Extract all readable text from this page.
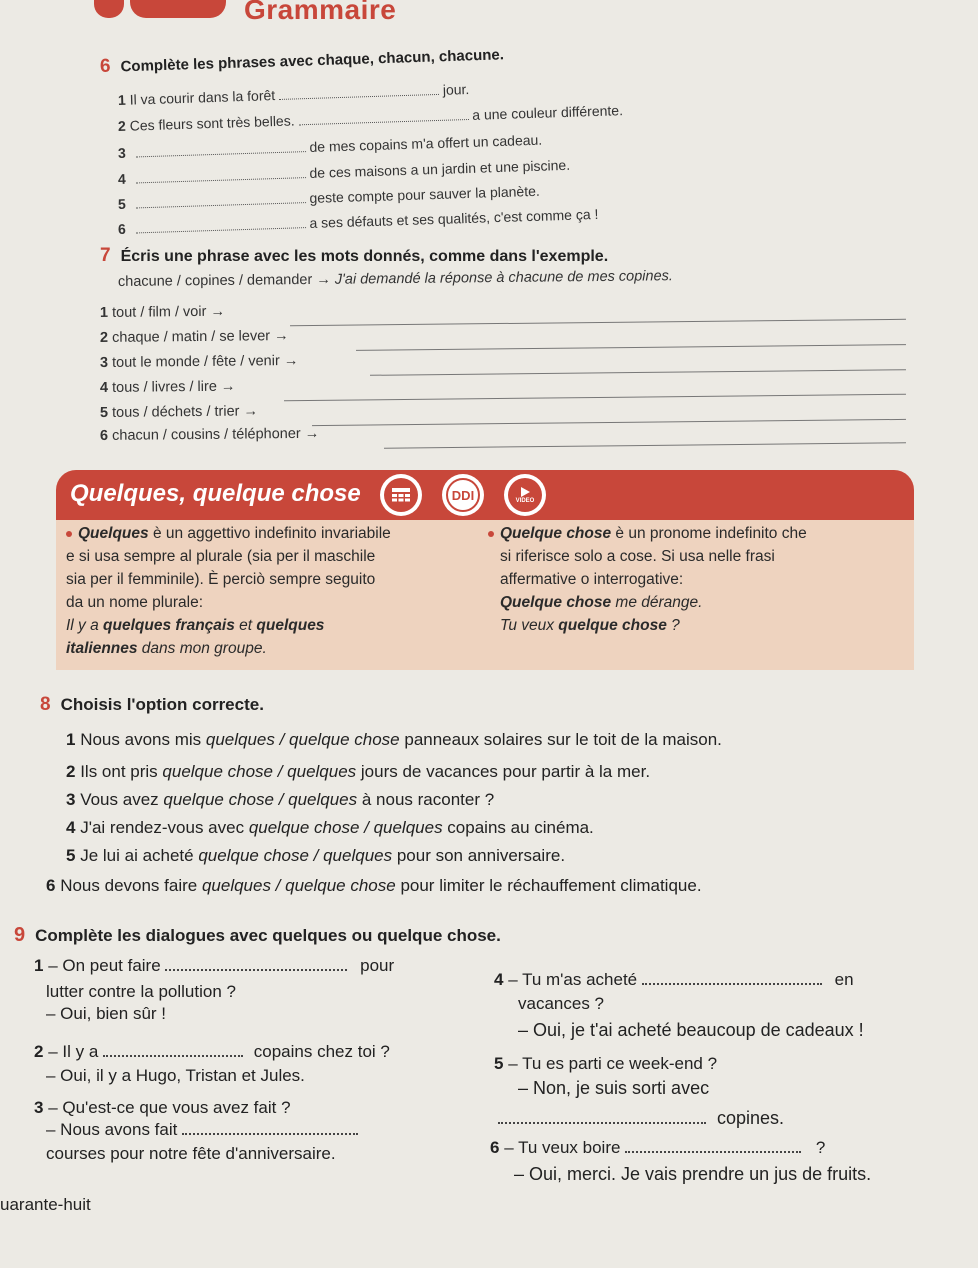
Grammaire
6 Complète les phrases avec chaque, chacun, chacune.
1 Il va courir dans la forêt	jour.
2 Ces fleurs sont très belles.	a une couleur différente.
3	de mes copains m'a offert un cadeau.
4	de ces maisons a un jardin et une piscine.
5	geste compte pour sauver la planète.
6	a ses défauts et ses qualités, c'est comme ça !
7 Écris une phrase avec les mots donnés, comme dans l'exemple.
chacune / copines / demander → J'ai demandé la réponse à chacune de mes copines.
1 tout / film / voir →
2 chaque / matin / se lever →
3 tout le monde / fête / venir →
4 tous / livres / lire →
5 tous / déchets / trier →
6 chacun / cousins / téléphoner →
Quelques, quelque chose	DDI	VIDEO
Quelques è un aggettivo indefinito invariabile
e si usa sempre al plurale (sia per il maschile
sia per il femminile). È perciò sempre seguito
da un nome plurale:
Il y a quelques français et quelques
italiennes dans mon groupe.
Quelque chose è un pronome indefinito che
si riferisce solo a cose. Si usa nelle frasi
affermative o interrogative:
Quelque chose me dérange.
Tu veux quelque chose ?
8 Choisis l'option correcte.
1 Nous avons mis quelques / quelque chose panneaux solaires sur le toit de la maison.
2 Ils ont pris quelque chose / quelques jours de vacances pour partir à la mer.
3 Vous avez quelque chose / quelques à nous raconter ?
4 J'ai rendez-vous avec quelque chose / quelques copains au cinéma.
5 Je lui ai acheté quelque chose / quelques pour son anniversaire.
6 Nous devons faire quelques / quelque chose pour limiter le réchauffement climatique.
9 Complète les dialogues avec quelques ou quelque chose.
1 – On peut faire	pour
lutter contre la pollution ?
– Oui, bien sûr !
2 – Il y a	copains chez toi ?
– Oui, il y a Hugo, Tristan et Jules.
3 – Qu'est-ce que vous avez fait ?
– Nous avons fait
courses pour notre fête d'anniversaire.
4 – Tu m'as acheté	en
vacances ?
– Oui, je t'ai acheté beaucoup de cadeaux !
5 – Tu es parti ce week-end ?
– Non, je suis sorti avec
copines.
6 – Tu veux boire	?
– Oui, merci. Je vais prendre un jus de fruits.
uarante-huit
